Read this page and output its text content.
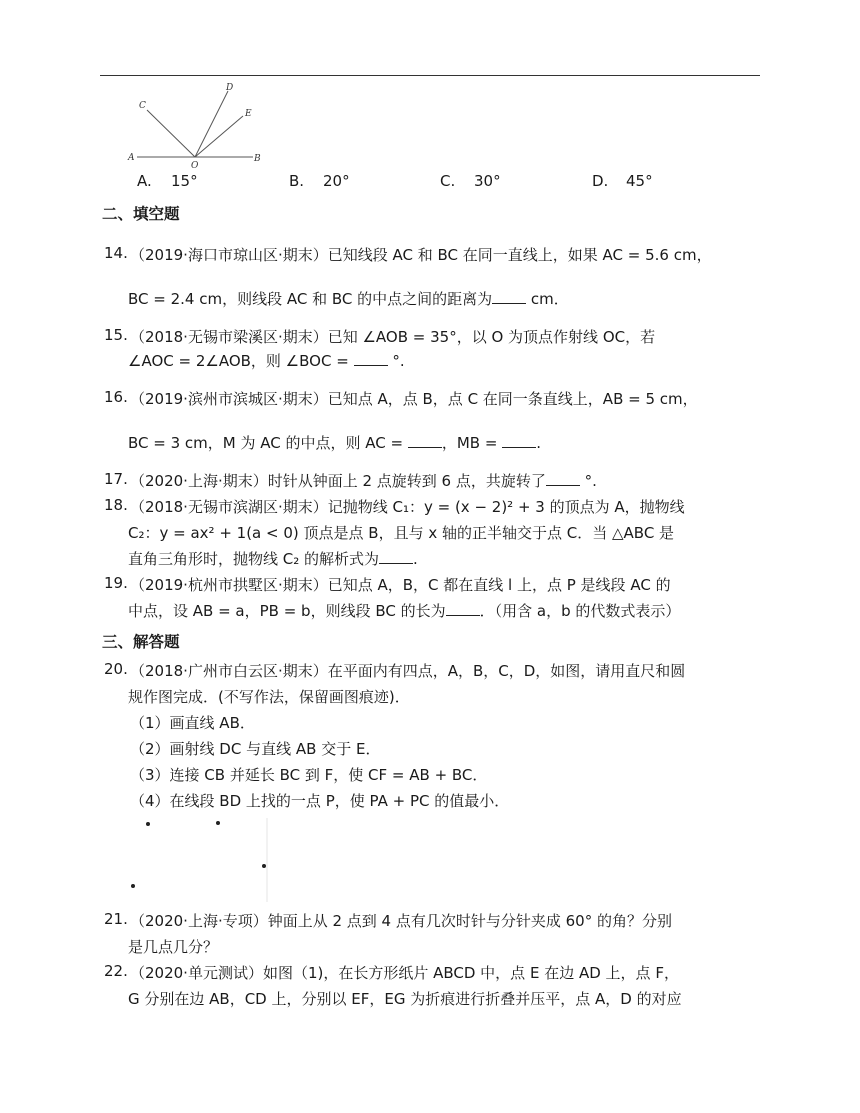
A	B
C
D
E
O
A. 15°	B. 20°	C. 30°	D. 45°
二、填空题
14. （2019·海口市琼山区·期末）已知线段 AC 和 BC 在同一直线上，如果 AC = 5.6 cm，
BC = 2.4 cm，则线段 AC 和 BC 的中点之间的距离为 cm．
15. （2018·无锡市梁溪区·期末）已知 ∠AOB = 35°，以 O 为顶点作射线 OC，若
∠AOC = 2∠AOB，则 ∠BOC =  °.
16. （2019·滨州市滨城区·期末）已知点 A，点 B，点 C 在同一条直线上，AB = 5 cm，
BC = 3 cm，M 为 AC 的中点，则 AC = ，MB = .
17. （2020·上海·期末）时针从钟面上 2 点旋转到 6 点，共旋转了 °.
18. （2018·无锡市滨湖区·期末）记抛物线 C₁：y = (x − 2)² + 3 的顶点为 A，抛物线
C₂：y = ax² + 1(a < 0) 顶点是点 B，且与 x 轴的正半轴交于点 C．当 △ABC 是
直角三角形时，抛物线 C₂ 的解析式为 .
19. （2019·杭州市拱墅区·期末）已知点 A，B，C 都在直线 l 上，点 P 是线段 AC 的
中点，设 AB = a，PB = b，则线段 BC 的长为 ．（用含 a，b 的代数式表示）
三、解答题
20. （2018·广州市白云区·期末）在平面内有四点，A，B，C，D，如图，请用直尺和圆
规作图完成．(不写作法，保留画图痕迹)．
（1）画直线 AB．
（2）画射线 DC 与直线 AB 交于 E．
（3）连接 CB 并延长 BC 到 F，使 CF = AB + BC．
（4）在线段 BD 上找的一点 P，使 PA + PC 的值最小．
21. （2020·上海·专项）钟面上从 2 点到 4 点有几次时针与分针夹成 60° 的角？分别
是几点几分？
22. （2020·单元测试）如图（1)，在长方形纸片 ABCD 中，点 E 在边 AD 上，点 F，
G 分别在边 AB，CD 上，分别以 EF，EG 为折痕进行折叠并压平，点 A，D 的对应
